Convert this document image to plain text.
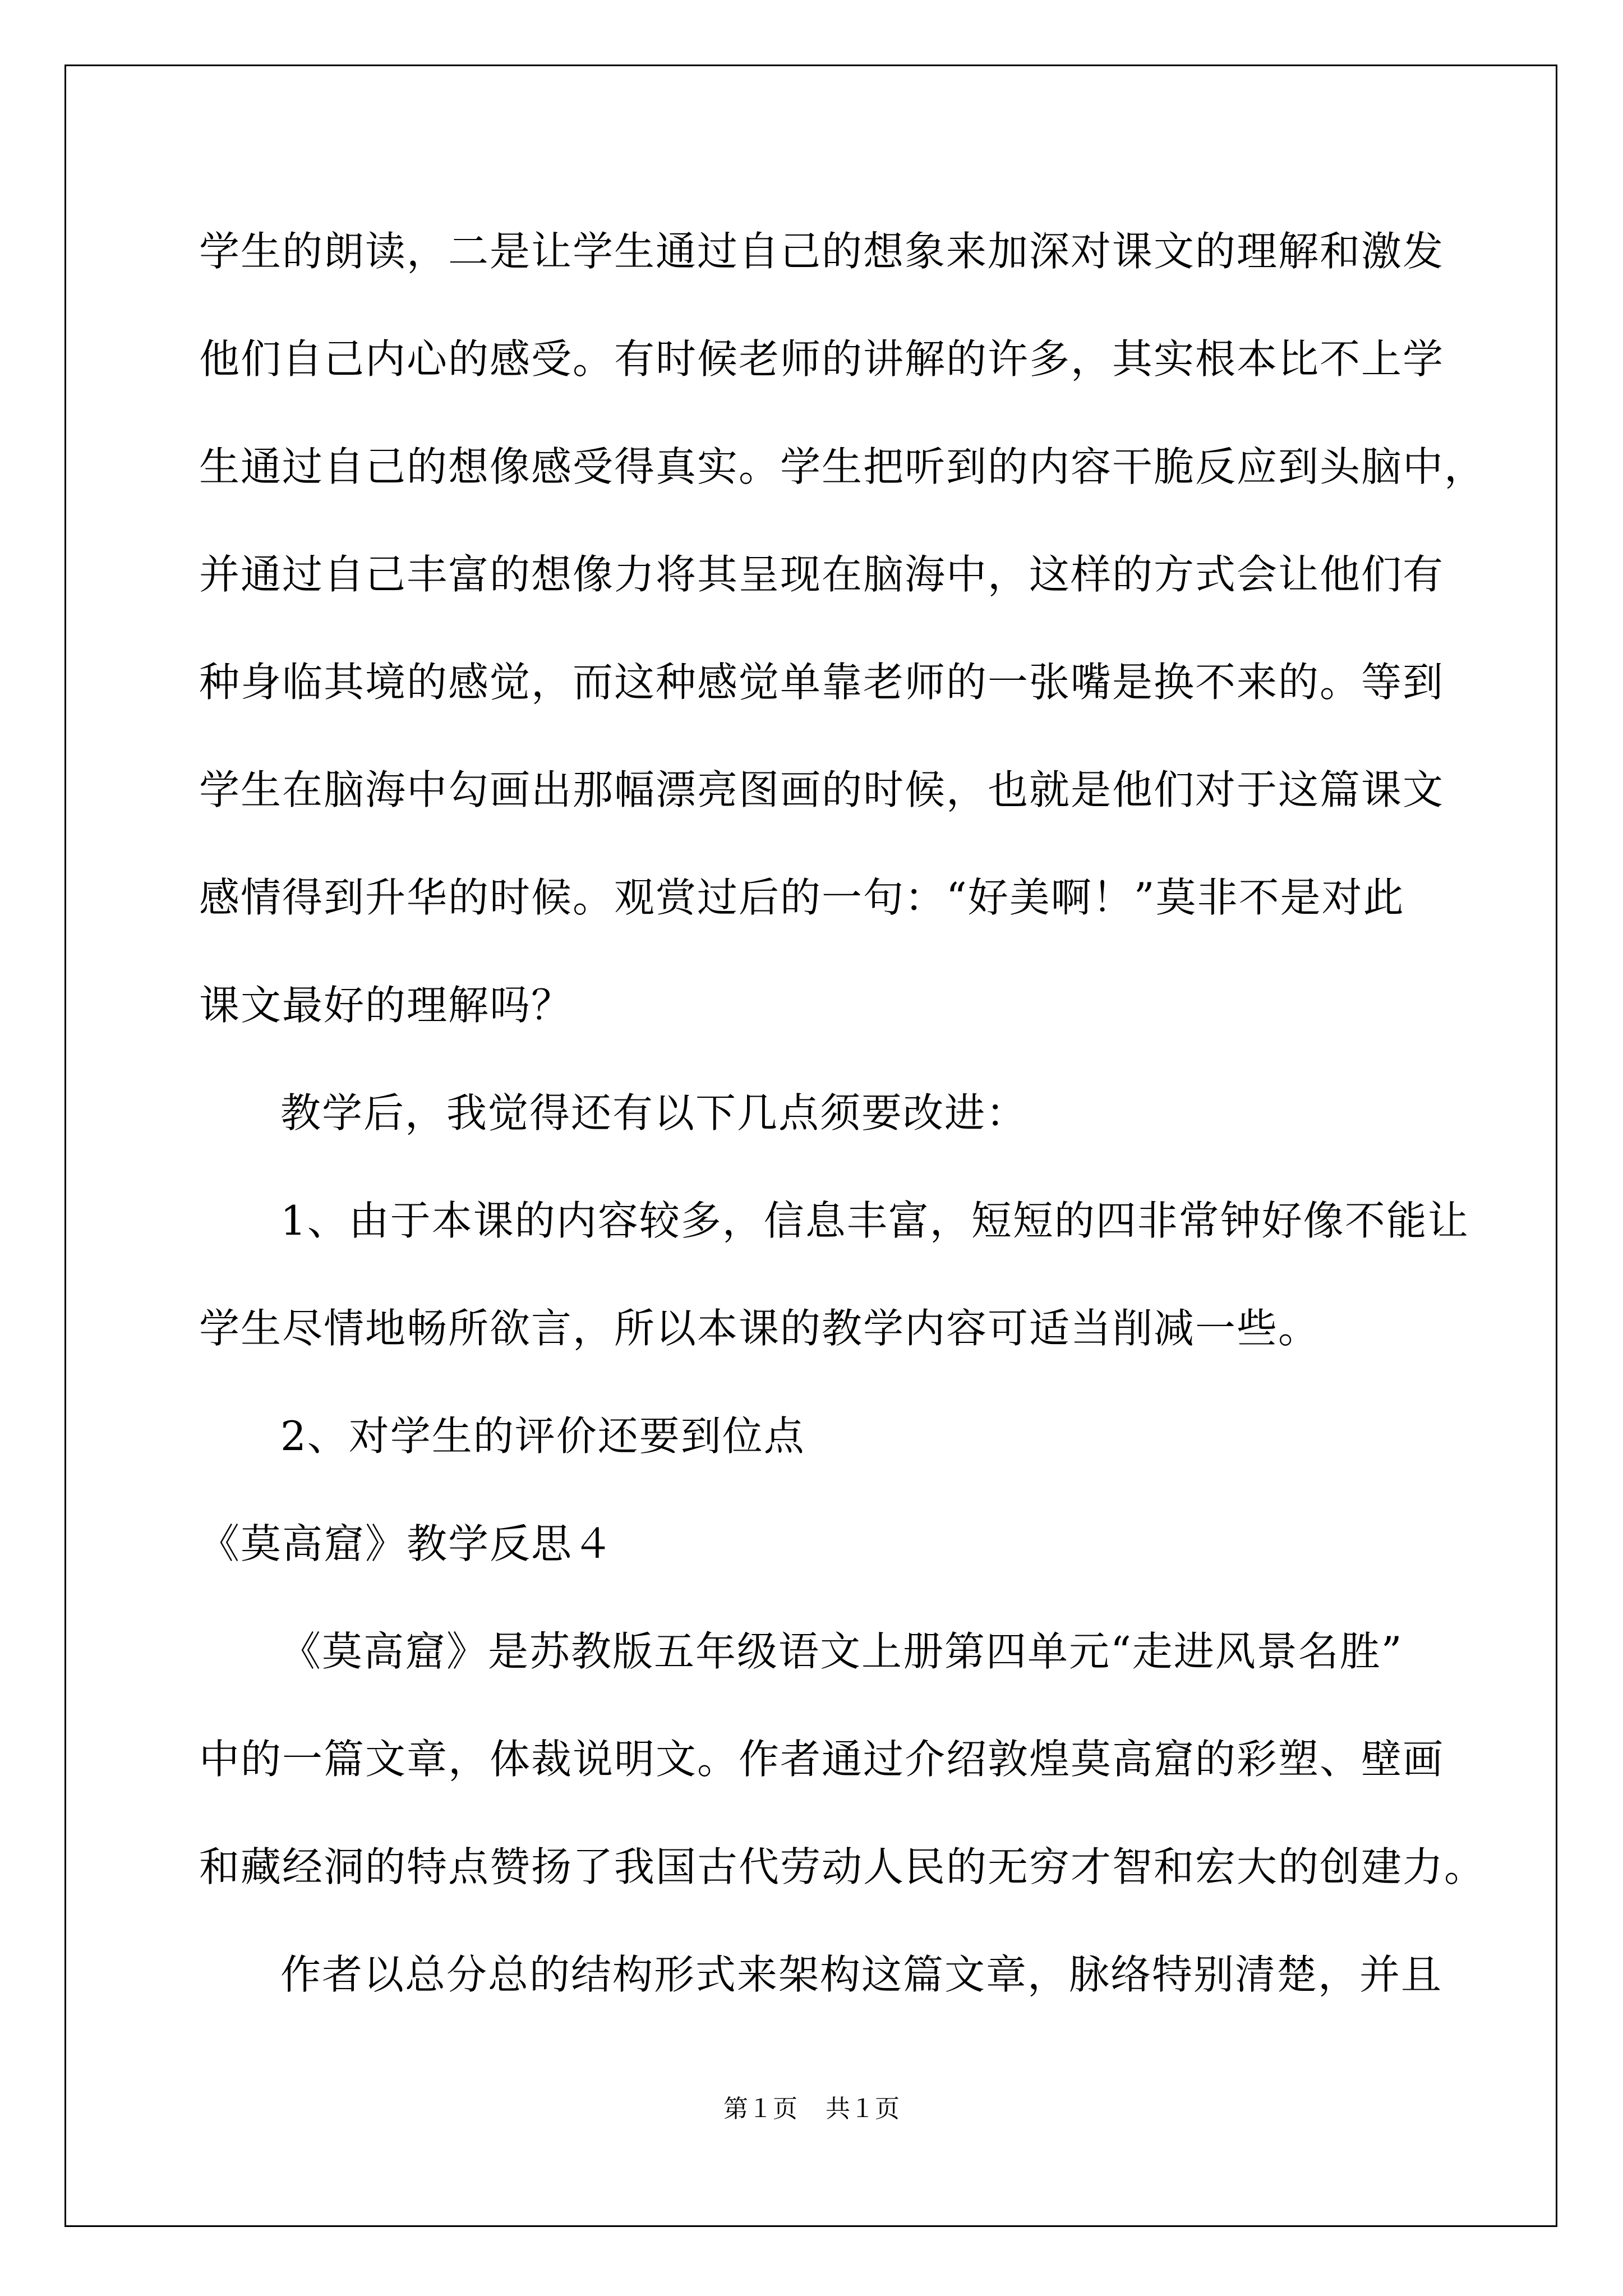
学生的朗读，二是让学生通过自己的想象来加深对课文的理解和激发
他们自己内心的感受。有时候老师的讲解的许多，其实根本比不上学
生通过自己的想像感受得真实。学生把听到的内容干脆反应到头脑中，
并通过自己丰富的想像力将其呈现在脑海中，这样的方式会让他们有
种身临其境的感觉，而这种感觉单靠老师的一张嘴是换不来的。等到
学生在脑海中勾画出那幅漂亮图画的时候，也就是他们对于这篇课文
感情得到升华的时候。观赏过后的一句：“好美啊！”莫非不是对此
课文最好的理解吗？
教学后，我觉得还有以下几点须要改进：
1、由于本课的内容较多，信息丰富，短短的四非常钟好像不能让
学生尽情地畅所欲言，所以本课的教学内容可适当削减一些。
2、对学生的评价还要到位点
《莫高窟》教学反思４
《莫高窟》是苏教版五年级语文上册第四单元“走进风景名胜”
中的一篇文章，体裁说明文。作者通过介绍敦煌莫高窟的彩塑、壁画
和藏经洞的特点赞扬了我国古代劳动人民的无穷才智和宏大的创建力。
作者以总分总的结构形式来架构这篇文章，脉络特别清楚，并且
第１页 共１页
